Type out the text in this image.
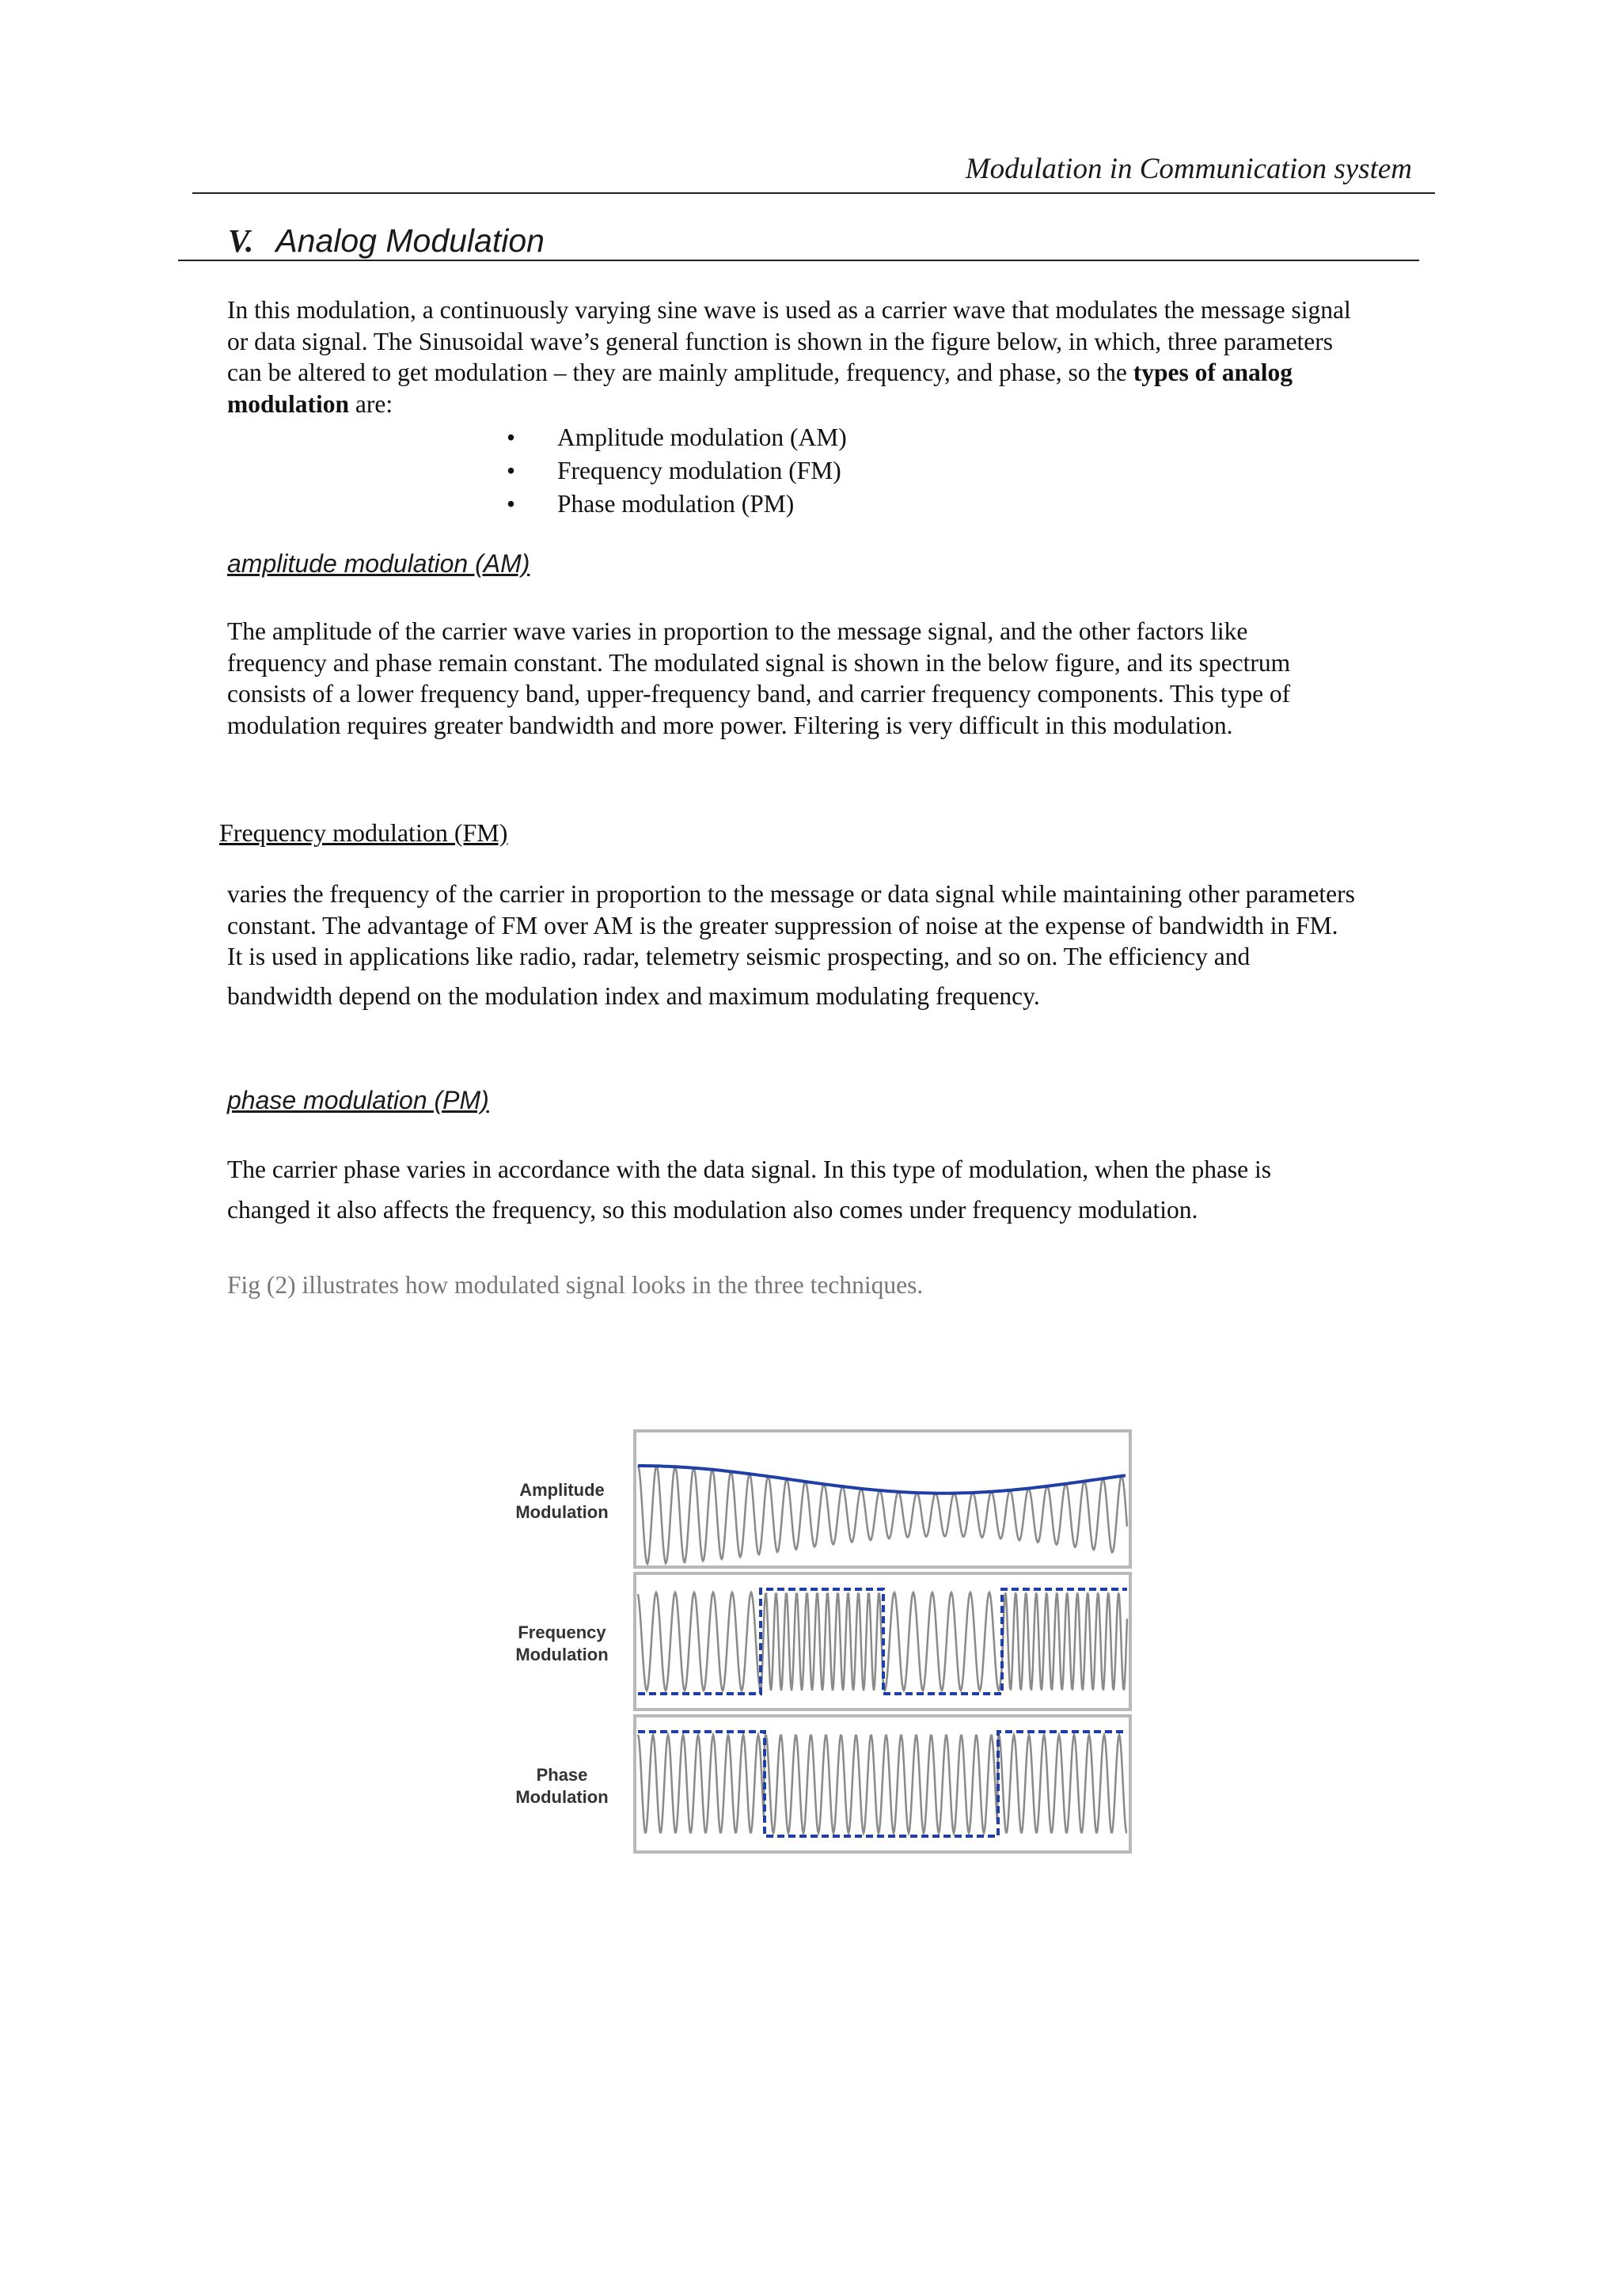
Modulation in Communication system
V. Analog Modulation

In this modulation, a continuously varying sine wave is used as a carrier wave that modulates the message signal
or data signal. The Sinusoidal wave’s general function is shown in the figure below, in which, three parameters
can be altered to get modulation – they are mainly amplitude, frequency, and phase, so the types of analog
modulation are:

• Amplitude modulation (AM)
• Frequency modulation (FM)
• Phase modulation (PM)
amplitude modulation (AM)

The amplitude of the carrier wave varies in proportion to the message signal, and the other factors like
frequency and phase remain constant. The modulated signal is shown in the below figure, and its spectrum
consists of a lower frequency band, upper-frequency band, and carrier frequency components. This type of
modulation requires greater bandwidth and more power. Filtering is very difficult in this modulation.

Frequency modulation (FM)

varies the frequency of the carrier in proportion to the message or data signal while maintaining other parameters
constant. The advantage of FM over AM is the greater suppression of noise at the expense of bandwidth in FM.
It is used in applications like radio, radar, telemetry seismic prospecting, and so on. The efficiency and
bandwidth depend on the modulation index and maximum modulating frequency.

phase modulation (PM)

The carrier phase varies in accordance with the data signal. In this type of modulation, when the phase is
changed it also affects the frequency, so this modulation also comes under frequency modulation.

Fig (2) illustrates how modulated signal looks in the three techniques.
Amplitude
Modulation
Frequency
Modulation
Phase
Modulation
